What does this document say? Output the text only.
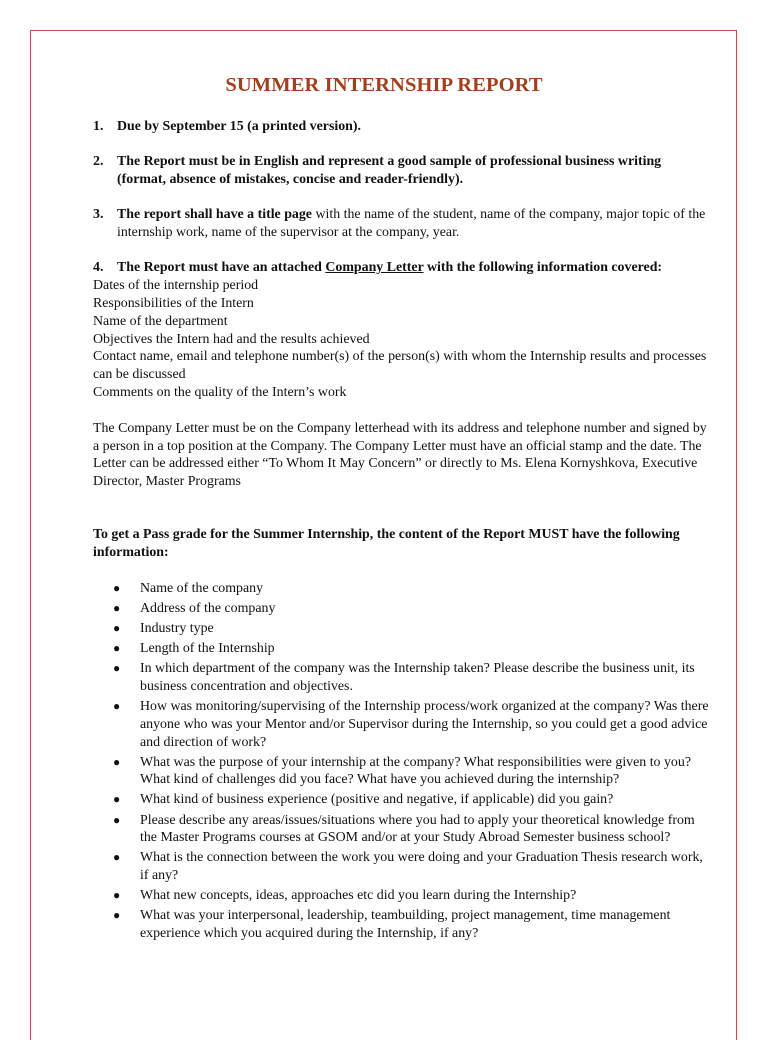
SUMMER INTERNSHIP REPORT
1. Due by September 15 (a printed version).
2. The Report must be in English and represent a good sample of professional business writing (format, absence of mistakes, concise and reader-friendly).
3. The report shall have a title page with the name of the student, name of the company, major topic of the internship work, name of the supervisor at the company, year.
4. The Report must have an attached Company Letter with the following information covered:
Dates of the internship period
Responsibilities of the Intern
Name of the department
Objectives the Intern had and the results achieved
Contact name, email and telephone number(s) of the person(s) with whom the Internship results and processes can be discussed
Comments on the quality of the Intern’s work
The Company Letter must be on the Company letterhead with its address and telephone number and signed by a person in a top position at the Company. The Company Letter must have an official stamp and the date. The Letter can be addressed either “To Whom It May Concern” or directly to Ms. Elena Kornyshkova, Executive Director, Master Programs
To get a Pass grade for the Summer Internship, the content of the Report MUST have the following information:
● Name of the company
● Address of the company
● Industry type
● Length of the Internship
● In which department of the company was the Internship taken? Please describe the business unit, its business concentration and objectives.
● How was monitoring/supervising of the Internship process/work organized at the company? Was there anyone who was your Mentor and/or Supervisor during the Internship, so you could get a good advice and direction of work?
● What was the purpose of your internship at the company? What responsibilities were given to you? What kind of challenges did you face? What have you achieved during the internship?
● What kind of business experience (positive and negative, if applicable) did you gain?
● Please describe any areas/issues/situations where you had to apply your theoretical knowledge from the Master Programs courses at GSOM and/or at your Study Abroad Semester business school?
● What is the connection between the work you were doing and your Graduation Thesis research work, if any?
● What new concepts, ideas, approaches etc did you learn during the Internship?
● What was your interpersonal, leadership, teambuilding, project management, time management experience which you acquired during the Internship, if any?
